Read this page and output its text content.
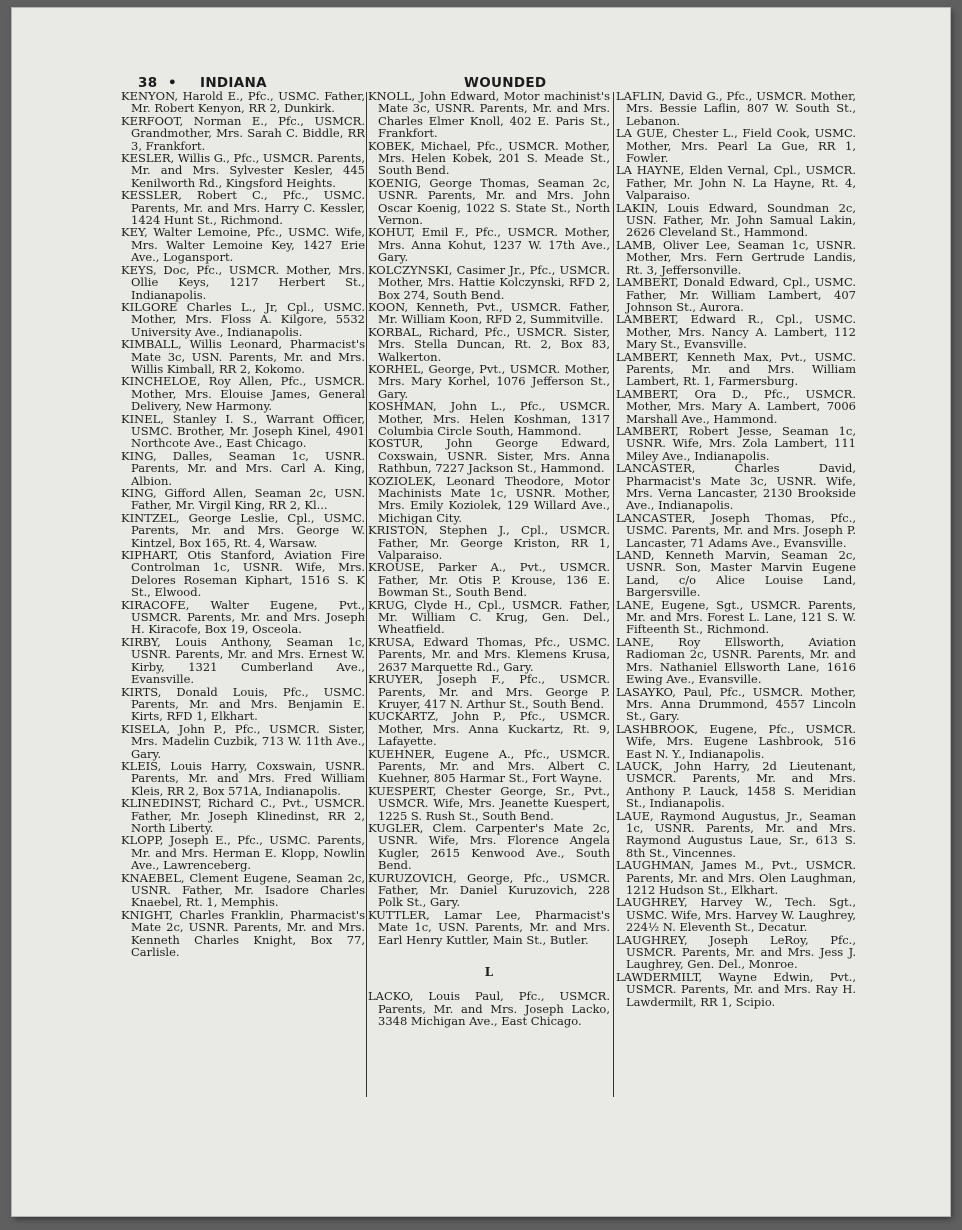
38 • INDIANA	WOUNDED

KENYON, Harold E., Pfc., USMC. Father, Mr. Robert Kenyon, RR 2, Dunkirk.

KERFOOT, Norman E., Pfc., USMCR. Grandmother, Mrs. Sarah C. Biddle, RR 3, Frankfort.

KESLER, Willis G., Pfc., USMCR. Parents, Mr. and Mrs. Sylvester Kesler, 445 Kenilworth Rd., Kingsford Heights.

KESSLER, Robert C., Pfc., USMC. Parents, Mr. and Mrs. Harry C. Kessler, 1424 Hunt St., Richmond.

KEY, Walter Lemoine, Pfc., USMC. Wife, Mrs. Walter Lemoine Key, 1427 Erie Ave., Logansport.

KEYS, Doc, Pfc., USMCR. Mother, Mrs. Ollie Keys, 1217 Herbert St., Indianapolis.

KILGORE Charles L., Jr, Cpl., USMC. Mother, Mrs. Floss A. Kilgore, 5532 University Ave., Indianapolis.

KIMBALL, Willis Leonard, Pharmacist's Mate 3c, USN. Parents, Mr. and Mrs. Willis Kimball, RR 2, Kokomo.

KINCHELOE, Roy Allen, Pfc., USMCR. Mother, Mrs. Elouise James, General Delivery, New Harmony.

KINEL, Stanley I. S., Warrant Officer, USMC. Brother, Mr. Joseph Kinel, 4901 Northcote Ave., East Chicago.

KING, Dalles, Seaman 1c, USNR. Parents, Mr. and Mrs. Carl A. King, Albion.

KING, Gifford Allen, Seaman 2c, USN. Father, Mr. Virgil King, RR 2, Kl...

KINTZEL, George Leslie, Cpl., USMC. Parents, Mr. and Mrs. George W. Kintzel, Box 165, Rt. 4, Warsaw.

KIPHART, Otis Stanford, Aviation Fire Controlman 1c, USNR. Wife, Mrs. Delores Roseman Kiphart, 1516 S. K St., Elwood.

KIRACOFE, Walter Eugene, Pvt., USMCR. Parents, Mr. and Mrs. Joseph H. Kiracofe, Box 19, Osceola.

KIRBY, Louis Anthony, Seaman 1c, USNR. Parents, Mr. and Mrs. Ernest W. Kirby, 1321 Cumberland Ave., Evansville.

KIRTS, Donald Louis, Pfc., USMC. Parents, Mr. and Mrs. Benjamin E. Kirts, RFD 1, Elkhart.

KISELA, John P., Pfc., USMCR. Sister, Mrs. Madelin Cuzbik, 713 W. 11th Ave., Gary.

KLEIS, Louis Harry, Coxswain, USNR. Parents, Mr. and Mrs. Fred William Kleis, RR 2, Box 571A, Indianapolis.

KLINEDINST, Richard C., Pvt., USMCR. Father, Mr. Joseph Klinedinst, RR 2, North Liberty.

KLOPP, Joseph E., Pfc., USMC. Parents, Mr. and Mrs. Herman E. Klopp, Nowlin Ave., Lawrenceberg.

KNAEBEL, Clement Eugene, Seaman 2c, USNR. Father, Mr. Isadore Charles Knaebel, Rt. 1, Memphis.

KNIGHT, Charles Franklin, Pharmacist's Mate 2c, USNR. Parents, Mr. and Mrs. Kenneth Charles Knight, Box 77, Carlisle.

KNOLL, John Edward, Motor machinist's Mate 3c, USNR. Parents, Mr. and Mrs. Charles Elmer Knoll, 402 E. Paris St., Frankfort.

KOBEK, Michael, Pfc., USMCR. Mother, Mrs. Helen Kobek, 201 S. Meade St., South Bend.

KOENIG, George Thomas, Seaman 2c, USNR. Parents, Mr. and Mrs. John Oscar Koenig, 1022 S. State St., North Vernon.

KOHUT, Emil F., Pfc., USMCR. Mother, Mrs. Anna Kohut, 1237 W. 17th Ave., Gary.

KOLCZYNSKI, Casimer Jr., Pfc., USMCR. Mother, Mrs. Hattie Kolczynski, RFD 2, Box 274, South Bend.

KOON, Kenneth, Pvt., USMCR. Father, Mr. William Koon, RFD 2, Summitville.

KORBAL, Richard, Pfc., USMCR. Sister, Mrs. Stella Duncan, Rt. 2, Box 83, Walkerton.

KORHEL, George, Pvt., USMCR. Mother, Mrs. Mary Korhel, 1076 Jefferson St., Gary.

KOSHMAN, John L., Pfc., USMCR. Mother, Mrs. Helen Koshman, 1317 Columbia Circle South, Hammond.

KOSTUR, John George Edward, Coxswain, USNR. Sister, Mrs. Anna Rathbun, 7227 Jackson St., Hammond.

KOZIOLEK, Leonard Theodore, Motor Machinists Mate 1c, USNR. Mother, Mrs. Emily Koziolek, 129 Willard Ave., Michigan City.

KRISTON, Stephen J., Cpl., USMCR. Father, Mr. George Kriston, RR 1, Valparaiso.

KROUSE, Parker A., Pvt., USMCR. Father, Mr. Otis P. Krouse, 136 E. Bowman St., South Bend.

KRUG, Clyde H., Cpl., USMCR. Father, Mr. William C. Krug, Gen. Del., Wheatfield.

KRUSA, Edward Thomas, Pfc., USMC. Parents, Mr. and Mrs. Klemens Krusa, 2637 Marquette Rd., Gary.

KRUYER, Joseph F., Pfc., USMCR. Parents, Mr. and Mrs. George P. Kruyer, 417 N. Arthur St., South Bend.

KUCKARTZ, John P., Pfc., USMCR. Mother, Mrs. Anna Kuckartz, Rt. 9, Lafayette.

KUEHNER, Eugene A., Pfc., USMCR. Parents, Mr. and Mrs. Albert C. Kuehner, 805 Harmar St., Fort Wayne.

KUESPERT, Chester George, Sr., Pvt., USMCR. Wife, Mrs. Jeanette Kuespert, 1225 S. Rush St., South Bend.

KUGLER, Clem. Carpenter's Mate 2c, USNR. Wife, Mrs. Florence Angela Kugler, 2615 Kenwood Ave., South Bend.

KURUZOVICH, George, Pfc., USMCR. Father, Mr. Daniel Kuruzovich, 228 Polk St., Gary.

KUTTLER, Lamar Lee, Pharmacist's Mate 1c, USN. Parents, Mr. and Mrs. Earl Henry Kuttler, Main St., Butler.

L

LACKO, Louis Paul, Pfc., USMCR. Parents, Mr. and Mrs. Joseph Lacko, 3348 Michigan Ave., East Chicago.

LAFLIN, David G., Pfc., USMCR. Mother, Mrs. Bessie Laflin, 807 W. South St., Lebanon.

LA GUE, Chester L., Field Cook, USMC. Mother, Mrs. Pearl La Gue, RR 1, Fowler.

LA HAYNE, Elden Vernal, Cpl., USMCR. Father, Mr. John N. La Hayne, Rt. 4, Valparaiso.

LAKIN, Louis Edward, Soundman 2c, USN. Father, Mr. John Samual Lakin, 2626 Cleveland St., Hammond.

LAMB, Oliver Lee, Seaman 1c, USNR. Mother, Mrs. Fern Gertrude Landis, Rt. 3, Jeffersonville.

LAMBERT, Donald Edward, Cpl., USMC. Father, Mr. William Lambert, 407 Johnson St., Aurora.

LAMBERT, Edward R., Cpl., USMC. Mother, Mrs. Nancy A. Lambert, 112 Mary St., Evansville.

LAMBERT, Kenneth Max, Pvt., USMC. Parents, Mr. and Mrs. William Lambert, Rt. 1, Farmersburg.

LAMBERT, Ora D., Pfc., USMCR. Mother, Mrs. Mary A. Lambert, 7006 Marshall Ave., Hammond.

LAMBERT, Robert Jesse, Seaman 1c, USNR. Wife, Mrs. Zola Lambert, 111 Miley Ave., Indianapolis.

LANCASTER, Charles David, Pharmacist's Mate 3c, USNR. Wife, Mrs. Verna Lancaster, 2130 Brookside Ave., Indianapolis.

LANCASTER, Joseph Thomas, Pfc., USMC. Parents, Mr. and Mrs. Joseph P. Lancaster, 71 Adams Ave., Evansville.

LAND, Kenneth Marvin, Seaman 2c, USNR. Son, Master Marvin Eugene Land, c/o Alice Louise Land, Bargersville.

LANE, Eugene, Sgt., USMCR. Parents, Mr. and Mrs. Forest L. Lane, 121 S. W. Fifteenth St., Richmond.

LANE, Roy Ellsworth, Aviation Radioman 2c, USNR. Parents, Mr. and Mrs. Nathaniel Ellsworth Lane, 1616 Ewing Ave., Evansville.

LASAYKO, Paul, Pfc., USMCR. Mother, Mrs. Anna Drummond, 4557 Lincoln St., Gary.

LASHBROOK, Eugene, Pfc., USMCR. Wife, Mrs. Eugene Lashbrook, 516 East N. Y., Indianapolis.

LAUCK, John Harry, 2d Lieutenant, USMCR. Parents, Mr. and Mrs. Anthony P. Lauck, 1458 S. Meridian St., Indianapolis.

LAUE, Raymond Augustus, Jr., Seaman 1c, USNR. Parents, Mr. and Mrs. Raymond Augustus Laue, Sr., 613 S. 8th St., Vincennes.

LAUGHMAN, James M., Pvt., USMCR. Parents, Mr. and Mrs. Olen Laughman, 1212 Hudson St., Elkhart.

LAUGHREY, Harvey W., Tech. Sgt., USMC. Wife, Mrs. Harvey W. Laughrey, 224½ N. Eleventh St., Decatur.

LAUGHREY, Joseph LeRoy, Pfc., USMCR. Parents, Mr. and Mrs. Jess J. Laughrey, Gen. Del., Monroe.

LAWDERMILT, Wayne Edwin, Pvt., USMCR. Parents, Mr. and Mrs. Ray H. Lawdermilt, RR 1, Scipio.
